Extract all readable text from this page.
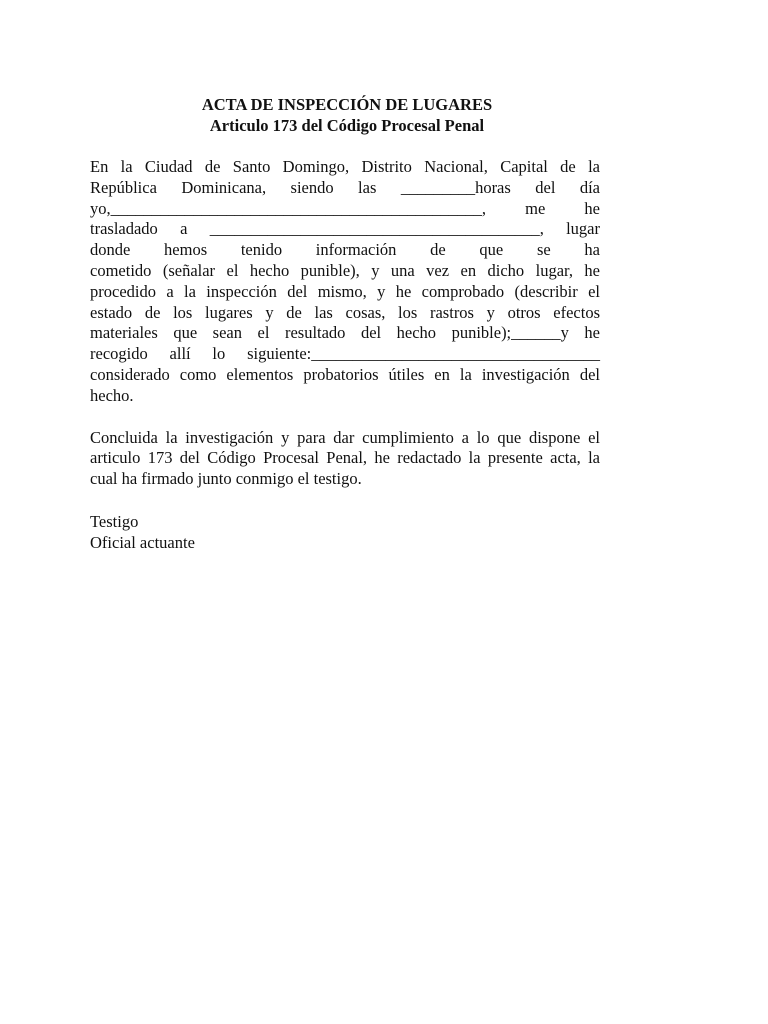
ACTA DE INSPECCIÓN DE LUGARES
Articulo 173 del Código Procesal Penal
En la Ciudad de Santo Domingo, Distrito Nacional, Capital de la
República Dominicana, siendo las _________horas del día
yo,_____________________________________________, me he
trasladado a ________________________________________, lugar
donde hemos tenido información de que se ha
cometido (señalar el hecho punible), y una vez en dicho lugar, he
procedido a la inspección del mismo, y he comprobado (describir el
estado de los lugares y de las cosas, los rastros y otros efectos
materiales que sean el resultado del hecho punible);______y he
recogido allí lo siguiente:___________________________________
considerado como elementos probatorios útiles en la investigación del
hecho.
Concluida la investigación y para dar cumplimiento a lo que dispone el
articulo 173 del Código Procesal Penal, he redactado la presente acta, la
cual ha firmado junto conmigo el testigo.
Testigo
Oficial actuante
